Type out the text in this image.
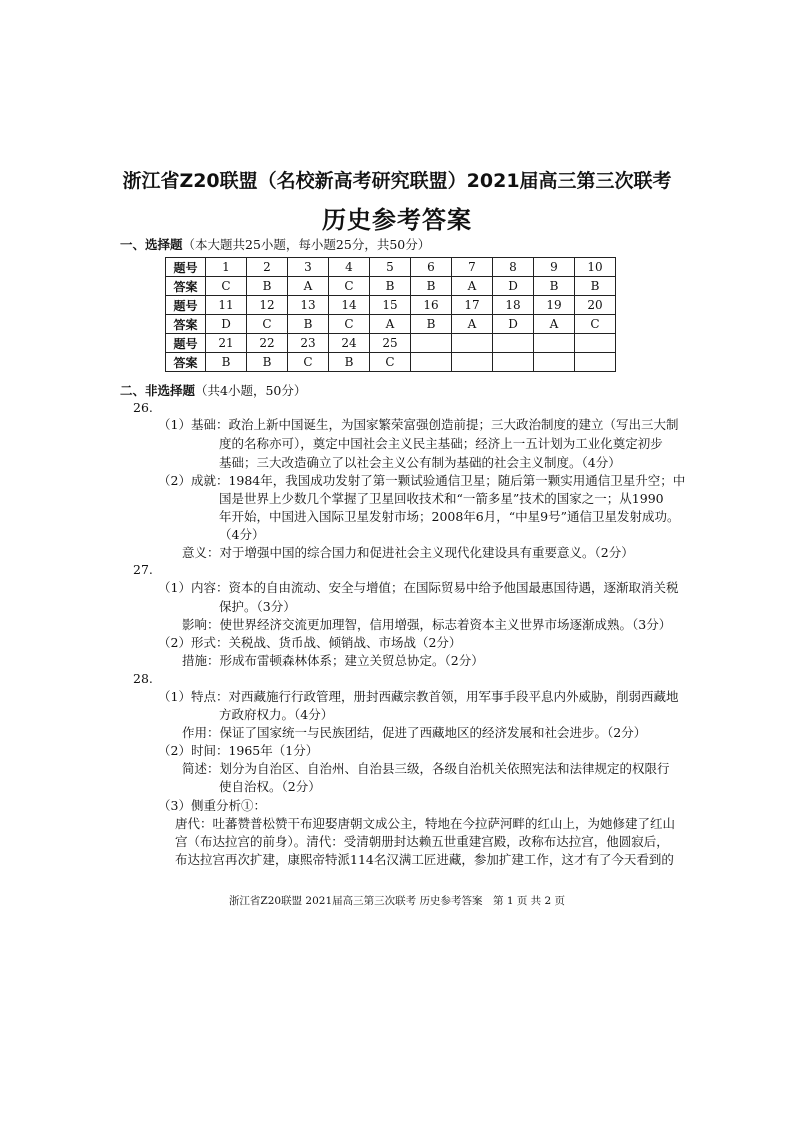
浙江省Z20联盟（名校新高考研究联盟）2021届高三第三次联考
历史参考答案
一、选择题（本大题共25小题，每小题25分，共50分）
题号	1	2	3	4	5	6	7	8	9	10
答案	C	B	A	C	B	B	A	D	B	B
题号	11	12	13	14	15	16	17	18	19	20
答案	D	C	B	C	A	B	A	D	A	C
题号	21	22	23	24	25					
答案	B	B	C	B	C					
二、非选择题（共4小题，50分）
26.
（1）基础：政治上新中国诞生，为国家繁荣富强创造前提；三大政治制度的建立（写出三大制
度的名称亦可），奠定中国社会主义民主基础；经济上一五计划为工业化奠定初步
基础；三大改造确立了以社会主义公有制为基础的社会主义制度。（4分）
（2）成就：1984年，我国成功发射了第一颗试验通信卫星；随后第一颗实用通信卫星升空；中
国是世界上少数几个掌握了卫星回收技术和“一箭多星”技术的国家之一；从1990
年开始，中国进入国际卫星发射市场；2008年6月，“中星9号”通信卫星发射成功。
（4分）
意义：对于增强中国的综合国力和促进社会主义现代化建设具有重要意义。（2分）
27.
（1）内容：资本的自由流动、安全与增值；在国际贸易中给予他国最惠国待遇，逐渐取消关税
保护。（3分）
影响：使世界经济交流更加理智，信用增强，标志着资本主义世界市场逐渐成熟。（3分）
（2）形式：关税战、货币战、倾销战、市场战（2分）
措施：形成布雷顿森林体系；建立关贸总协定。（2分）
28.
（1）特点：对西藏施行行政管理，册封西藏宗教首领，用军事手段平息内外威胁，削弱西藏地
方政府权力。（4分）
作用：保证了国家统一与民族团结，促进了西藏地区的经济发展和社会进步。（2分）
（2）时间：1965年（1分）
简述：划分为自治区、自治州、自治县三级，各级自治机关依照宪法和法律规定的权限行
使自治权。（2分）
（3）侧重分析①：
唐代：吐蕃赞普松赞干布迎娶唐朝文成公主，特地在今拉萨河畔的红山上，为她修建了红山
宫（布达拉宫的前身）。清代：受清朝册封达赖五世重建宫殿，改称布达拉宫，他圆寂后，
布达拉宫再次扩建，康熙帝特派114名汉满工匠进藏，参加扩建工作，这才有了今天看到的
浙江省Z20联盟 2021届高三第三次联考 历史参考答案　第 1 页 共 2 页
